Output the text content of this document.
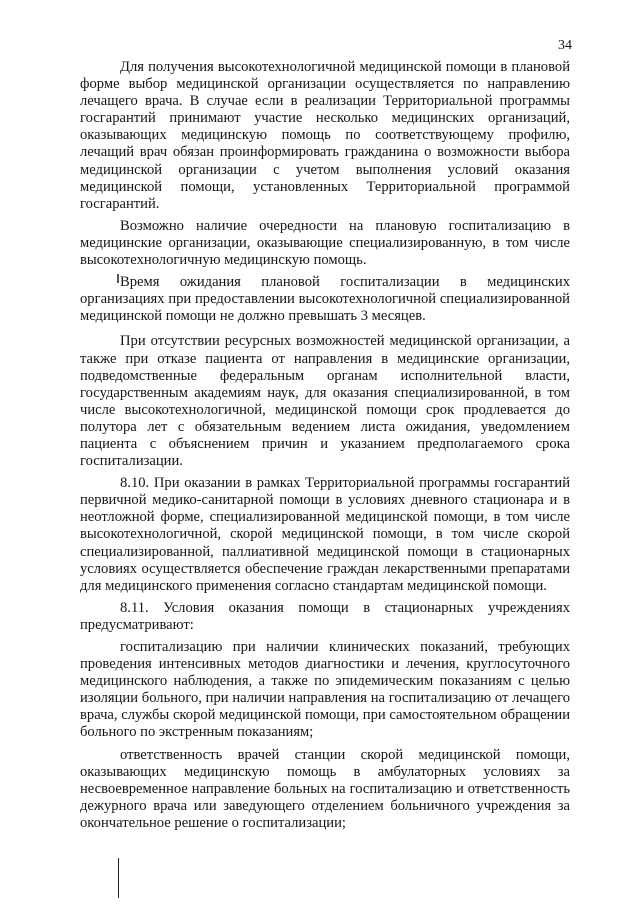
34

Для получения высокотехнологичной медицинской помощи в плановой форме выбор медицинской организации осуществляется по направлению лечащего врача. В случае если в реализации Территориальной программы госгарантий принимают участие несколько медицинских организаций, оказывающих медицинскую помощь по соответствующему профилю, лечащий врач обязан проинформировать гражданина о возможности выбора медицинской организации с учетом выполнения условий оказания медицинской помощи, установленных Территориальной программой госгарантий.

Возможно наличие очередности на плановую госпитализацию в медицинские организации, оказывающие специализированную, в том числе высокотехнологичную медицинскую помощь.

Время ожидания плановой госпитализации в медицинских организациях при предоставлении высокотехнологичной специализированной медицинской помощи не должно превышать 3 месяцев.

При отсутствии ресурсных возможностей медицинской организации, а также при отказе пациента от направления в медицинские организации, подведомственные федеральным органам исполнительной власти, государственным академиям наук, для оказания специализированной, в том числе высокотехнологичной, медицинской помощи срок продлевается до полутора лет с обязательным ведением листа ожидания, уведомлением пациента с объяснением причин и указанием предполагаемого срока госпитализации.

8.10. При оказании в рамках Территориальной программы госгарантий первичной медико-санитарной помощи в условиях дневного стационара и в неотложной форме, специализированной медицинской помощи, в том числе высокотехнологичной, скорой медицинской помощи, в том числе скорой специализированной, паллиативной медицинской помощи в стационарных условиях осуществляется обеспечение граждан лекарственными препаратами для медицинского применения согласно стандартам медицинской помощи.

8.11. Условия оказания помощи в стационарных учреждениях предусматривают:

госпитализацию при наличии клинических показаний, требующих проведения интенсивных методов диагностики и лечения, круглосуточного медицинского наблюдения, а также по эпидемическим показаниям с целью изоляции больного, при наличии направления на госпитализацию от лечащего врача, службы скорой медицинской помощи, при самостоятельном обращении больного по экстренным показаниям;

ответственность врачей станции скорой медицинской помощи, оказывающих медицинскую помощь в амбулаторных условиях за несвоевременное направление больных на госпитализацию и ответственность дежурного врача или заведующего отделением больничного учреждения за окончательное решение о госпитализации;
